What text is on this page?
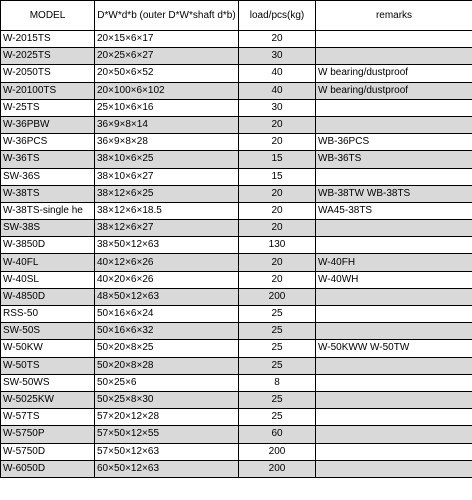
MODEL	D*W*d*b (outer D*W*shaft d*b)	load/pcs(kg)	remarks
W-2015TS	20×15×6×17	20	
W-2025TS	20×25×6×27	30	
W-2050TS	20×50×6×52	40	W bearing/dustproof
W-20100TS	20×100×6×102	40	W bearing/dustproof
W-25TS	25×10×6×16	30	
W-36PBW	36×9×8×14	20	
W-36PCS	36×9×8×28	20	WB-36PCS
W-36TS	38×10×6×25	15	WB-36TS
SW-36S	38×10×6×27	15	
W-38TS	38×12×6×25	20	WB-38TW WB-38TS
W-38TS-single he	38×12×6×18.5	20	WA45-38TS
SW-38S	38×12×6×27	20	
W-3850D	38×50×12×63	130	
W-40FL	40×12×6×26	20	W-40FH
W-40SL	40×20×6×26	20	W-40WH
W-4850D	48×50×12×63	200	
RSS-50	50×16×6×24	25	
SW-50S	50×16×6×32	25	
W-50KW	50×20×8×25	25	W-50KWW W-50TW
W-50TS	50×20×8×28	25	
SW-50WS	50×25×6	8	
W-5025KW	50×25×8×30	25	
W-57TS	57×20×12×28	25	
W-5750P	57×50×12×55	60	
W-5750D	57×50×12×63	200	
W-6050D	60×50×12×63	200	
